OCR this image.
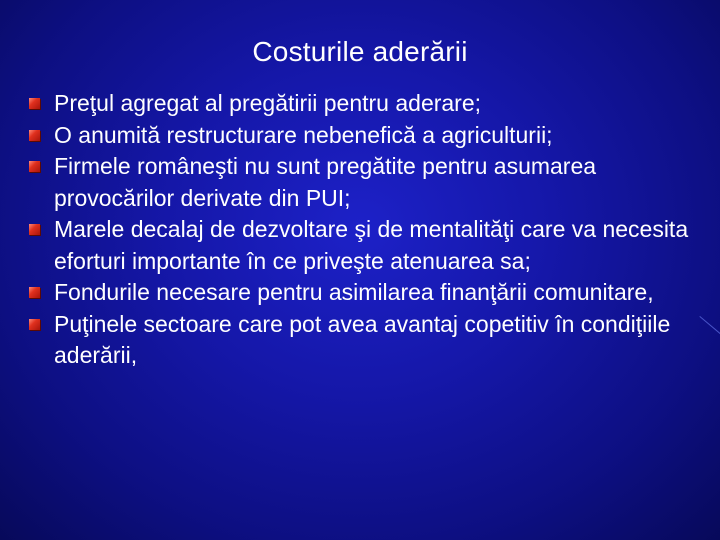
Costurile aderării
Preţul agregat al pregătirii pentru aderare;
O anumită restructurare nebenefică a agriculturii;
Firmele româneşti nu sunt pregătite pentru asumarea provocărilor derivate din PUI;
Marele decalaj de dezvoltare şi de mentalităţi care va necesita eforturi importante în ce priveşte atenuarea sa;
Fondurile necesare pentru asimilarea finanţării comunitare,
Puţinele sectoare care pot avea avantaj copetitiv în condiţiile aderării,
